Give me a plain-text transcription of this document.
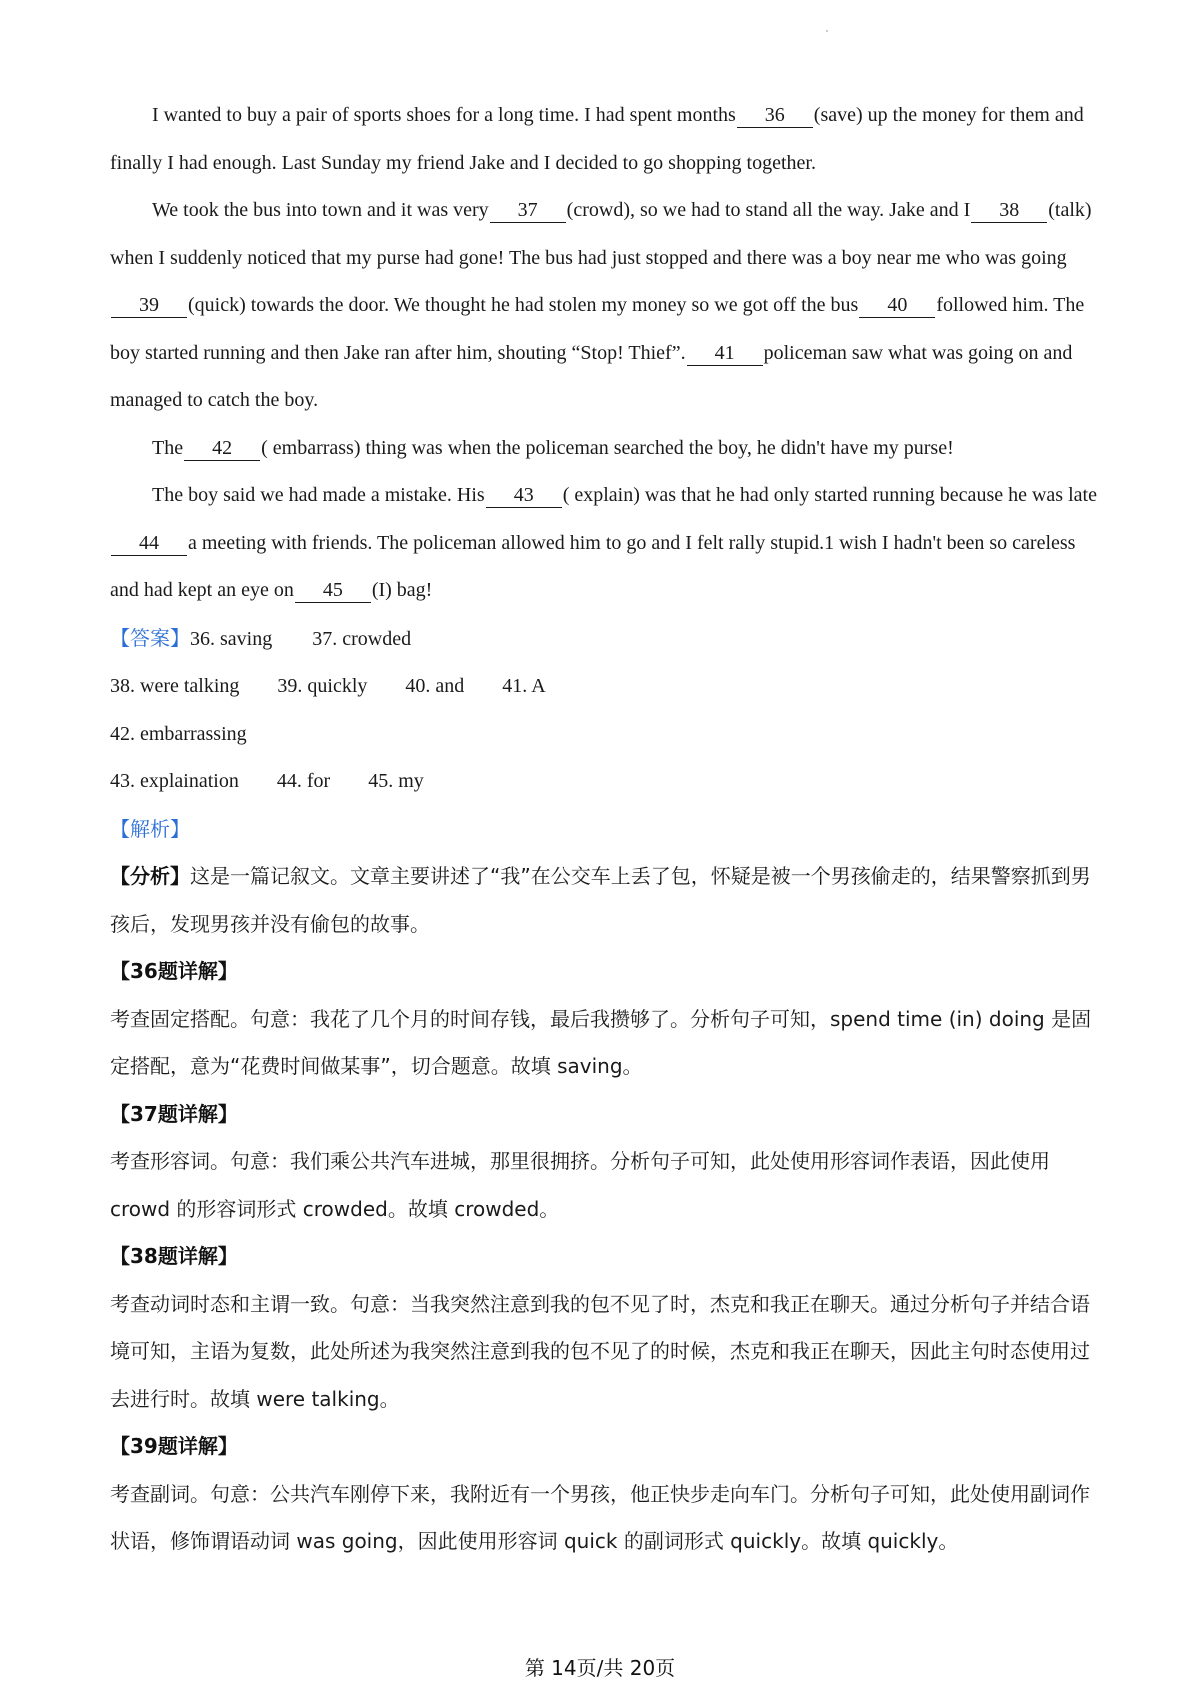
I wanted to buy a pair of sports shoes for a long time. I had spent months 36 (save) up the money for them and finally I had enough. Last Sunday my friend Jake and I decided to go shopping together.

We took the bus into town and it was very 37 (crowd), so we had to stand all the way. Jake and I 38 (talk) when I suddenly noticed that my purse had gone! The bus had just stopped and there was a boy near me who was going39 (quick) towards the door. We thought he had stolen my money so we got off the bus 40 followed him. The boy started running and then Jake ran after him, shouting “Stop! Thief”. 41 policeman saw what was going on and managed to catch the boy.

The 42 ( embarrass) thing was when the policeman searched the boy, he didn't have my purse!

The boy said we had made a mistake. His 43 ( explain) was that he had only started running because he was late44 a meeting with friends. The policeman allowed him to go and I felt rally stupid.1 wish I hadn't been so careless and had kept an eye on 45 (I) bag!

【答案】36. saving 37. crowded

38. were talking 39. quickly 40. and 41. A

42. embarrassing

43. explaination 44. for 45. my

【解析】

【分析】这是一篇记叙文。文章主要讲述了“我”在公交车上丢了包，怀疑是被一个男孩偷走的，结果警察抓到男孩后，发现男孩并没有偷包的故事。

【36题详解】

考查固定搭配。句意：我花了几个月的时间存钱，最后我攒够了。分析句子可知，spend time (in) doing 是固定搭配，意为“花费时间做某事”，切合题意。故填 saving。

【37题详解】

考查形容词。句意：我们乘公共汽车进城，那里很拥挤。分析句子可知，此处使用形容词作表语，因此使用 crowd 的形容词形式 crowded。故填 crowded。

【38题详解】

考查动词时态和主谓一致。句意：当我突然注意到我的包不见了时，杰克和我正在聊天。通过分析句子并结合语境可知，主语为复数，此处所述为我突然注意到我的包不见了的时候，杰克和我正在聊天，因此主句时态使用过去进行时。故填 were talking。

【39题详解】

考查副词。句意：公共汽车刚停下来，我附近有一个男孩，他正快步走向车门。分析句子可知，此处使用副词作状语，修饰谓语动词 was going，因此使用形容词 quick 的副词形式 quickly。故填 quickly。

第 14页/共 20页
